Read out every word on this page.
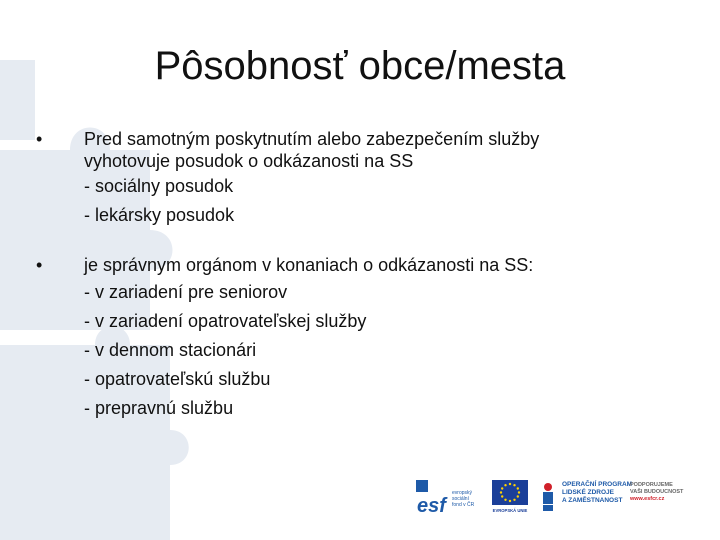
Pôsobnosť obce/mesta
• Pred samotným poskytnutím alebo zabezpečením služby
vyhotovuje posudok o odkázanosti na SS
- sociálny posudok
- lekársky posudok
• je správnym orgánom v konaniach o odkázanosti na SS:
- v zariadení pre seniorov
- v zariadení opatrovateľskej služby
- v dennom stacionári
- opatrovateľskú službu
- prepravnú službu
esf
evropský
sociální
fond v ČR
EVROPSKÁ UNIE
OPERAČNÍ PROGRAM
LIDSKÉ ZDROJE
A ZAMĚSTNANOST
PODPORUJEME
VAŠI BUDOUCNOST
www.esfcr.cz
